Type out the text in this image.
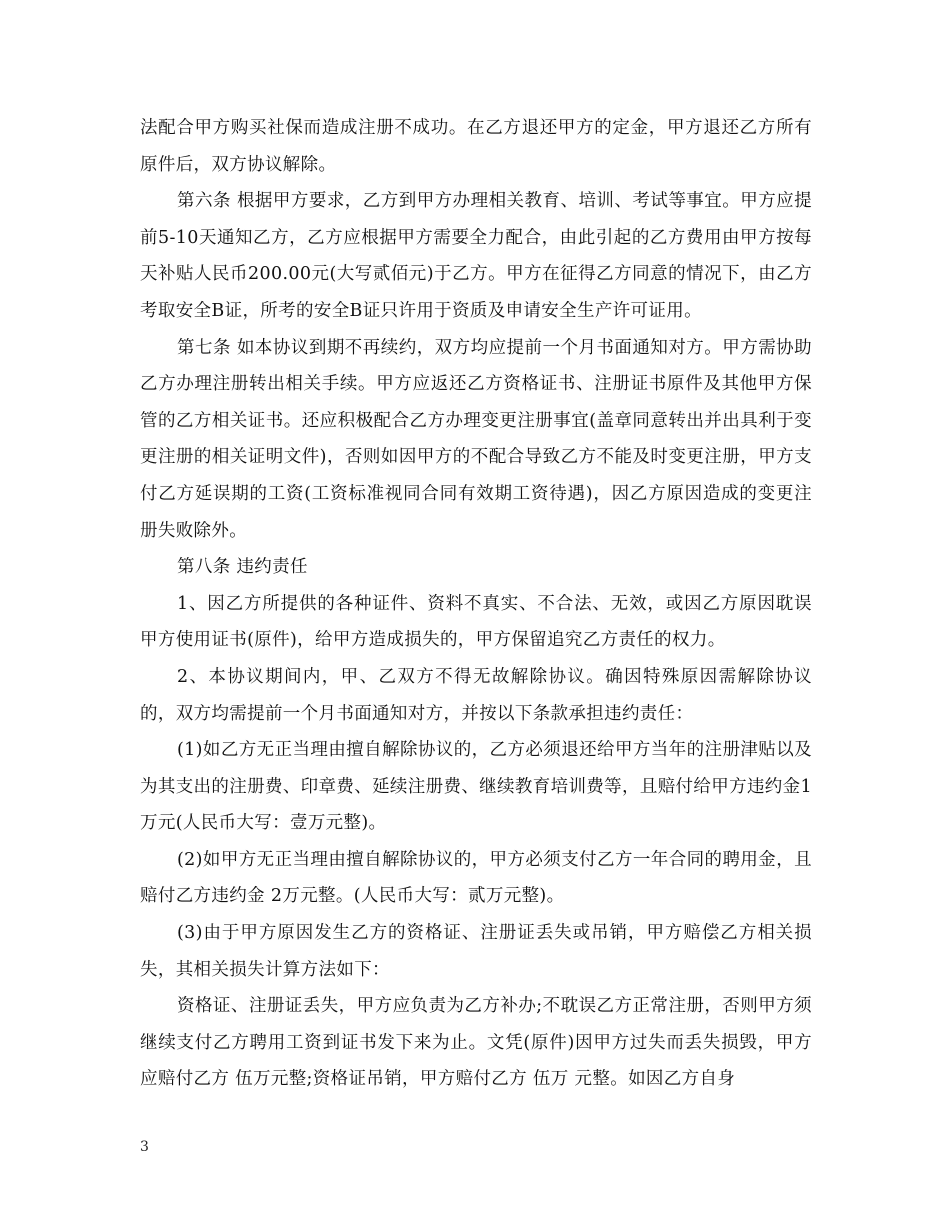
法配合甲方购买社保而造成注册不成功。在乙方退还甲方的定金，甲方退还乙方所有原件后，双方协议解除。

第六条 根据甲方要求，乙方到甲方办理相关教育、培训、考试等事宜。甲方应提前5-10天通知乙方，乙方应根据甲方需要全力配合，由此引起的乙方费用由甲方按每天补贴人民币200.00元(大写贰佰元)于乙方。甲方在征得乙方同意的情况下，由乙方考取安全B证，所考的安全B证只许用于资质及申请安全生产许可证用。

第七条 如本协议到期不再续约，双方均应提前一个月书面通知对方。甲方需协助乙方办理注册转出相关手续。甲方应返还乙方资格证书、注册证书原件及其他甲方保管的乙方相关证书。还应积极配合乙方办理变更注册事宜(盖章同意转出并出具利于变更注册的相关证明文件)，否则如因甲方的不配合导致乙方不能及时变更注册，甲方支付乙方延误期的工资(工资标准视同合同有效期工资待遇)，因乙方原因造成的变更注册失败除外。

第八条 违约责任

1、因乙方所提供的各种证件、资料不真实、不合法、无效，或因乙方原因耽误甲方使用证书(原件)，给甲方造成损失的，甲方保留追究乙方责任的权力。

2、本协议期间内，甲、乙双方不得无故解除协议。确因特殊原因需解除协议的，双方均需提前一个月书面通知对方，并按以下条款承担违约责任：

(1)如乙方无正当理由擅自解除协议的，乙方必须退还给甲方当年的注册津贴以及为其支出的注册费、印章费、延续注册费、继续教育培训费等，且赔付给甲方违约金1万元(人民币大写：壹万元整)。

(2)如甲方无正当理由擅自解除协议的，甲方必须支付乙方一年合同的聘用金，且赔付乙方违约金 2万元整。(人民币大写：贰万元整)。

(3)由于甲方原因发生乙方的资格证、注册证丢失或吊销，甲方赔偿乙方相关损失，其相关损失计算方法如下：

资格证、注册证丢失，甲方应负责为乙方补办;不耽误乙方正常注册，否则甲方须继续支付乙方聘用工资到证书发下来为止。文凭(原件)因甲方过失而丢失损毁，甲方应赔付乙方 伍万元整;资格证吊销，甲方赔付乙方 伍万 元整。如因乙方自身

3
